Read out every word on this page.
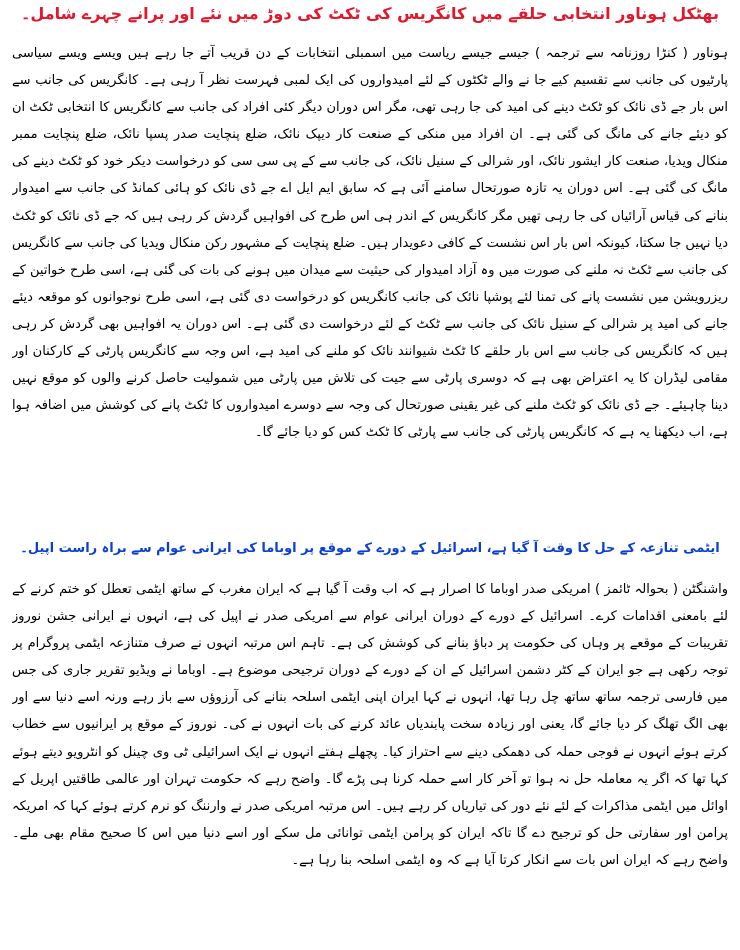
بھٹکل ہوناور انتخابی حلقے میں کانگریس کی ٹکٹ کی دوڑ میں نئے اور پرانے چہرے شامل۔

ہوناور ( کنڑا روزنامہ سے ترجمہ ) جیسے جیسے ریاست میں اسمبلی انتخابات کے دن قریب آتے جا رہے ہیں ویسے ویسے سیاسی پارٹیوں کی جانب سے تقسیم کیے جا نے والے ٹکٹوں کے لئے امیدواروں کی ایک لمبی فہرست نظر آ رہی ہے۔ کانگریس کی جانب سے اس بار جے ڈی نائک کو ٹکٹ دینے کی امید کی جا رہی تھی، مگر اس دوران دیگر کئی افراد کی جانب سے کانگریس کا انتخابی ٹکٹ ان کو دیئے جانے کی مانگ کی گئی ہے۔ ان افراد میں منکی کے صنعت کار دیپک نائک، ضلع پنچایت صدر پسپا نائک، ضلع پنچایت ممبر منکال ویدیا، صنعت کار ایشور نائک، اور شرالی کے سنیل نائک، کی جانب سے کے پی سی سی کو درخواست دیکر خود کو ٹکٹ دینے کی مانگ کی گئی ہے۔ اس دوران یہ تازہ صورتحال سامنے آئی ہے کہ سابق ایم ایل اے جے ڈی نائک کو ہائی کمانڈ کی جانب سے امیدوار بنانے کی قیاس آرائیاں کی جا رہی تھیں مگر کانگریس کے اندر ہی اس طرح کی افواہیں گردش کر رہی ہیں کہ جے ڈی نائک کو ٹکٹ دیا نہیں جا سکتا، کیونکہ اس بار اس نشست کے کافی دعویدار ہیں۔ ضلع پنچایت کے مشہور رکن منکال ویدیا کی جانب سے کانگریس کی جانب سے ٹکٹ نہ ملنے کی صورت میں وہ آزاد امیدوار کی حیثیت سے میدان میں ہونے کی بات کی گئی ہے، اسی طرح خواتین کے ریزرویشن میں نشست پانے کی تمنا لئے پوشپا نائک کی جانب کانگریس کو درخواست دی گئی ہے، اسی طرح نوجوانوں کو موقعہ دیئے جانے کی امید پر شرالی کے سنیل نائک کی جانب سے ٹکٹ کے لئے درخواست دی گئی ہے۔ اس دوران یہ افواہیں بھی گردش کر رہی ہیں کہ کانگریس کی جانب سے اس بار حلقے کا ٹکٹ شیوانند نائک کو ملنے کی امید ہے، اس وجہ سے کانگریس پارٹی کے کارکنان اور مقامی لیڈران کا یہ اعتراض بھی ہے کہ دوسری پارٹی سے جیت کی تلاش میں پارٹی میں شمولیت حاصل کرنے والوں کو موقع نہیں دینا چاہیئے۔ جے ڈی نائک کو ٹکٹ ملنے کی غیر یقینی صورتحال کی وجہ سے دوسرے امیدواروں کا ٹکٹ پانے کی کوشش میں اضافہ ہوا ہے، اب دیکھنا یہ ہے کہ کانگریس پارٹی کی جانب سے پارٹی کا ٹکٹ کس کو دیا جائے گا۔

ایٹمی تنازعہ کے حل کا وقت آ گیا ہے، اسرائیل کے دورے کے موقع پر اوباما کی ایرانی عوام سے براہ راست اپیل۔

واشنگٹن ( بحوالہ ٹائمز ) امریکی صدر اوباما کا اصرار ہے کہ اب وقت آ گیا ہے کہ ایران مغرب کے ساتھ ایٹمی تعطل کو ختم کرنے کے لئے بامعنی اقدامات کرے۔ اسرائیل کے دورے کے دوران ایرانی عوام سے امریکی صدر نے اپیل کی ہے، انہوں نے ایرانی جشن نوروز تقریبات کے موقعے پر وہاں کی حکومت پر دباؤ بنانے کی کوشش کی ہے۔ تاہم اس مرتبہ انہوں نے صرف متنازعہ ایٹمی پروگرام پر توجہ رکھی ہے جو ایران کے کٹر دشمن اسرائیل کے ان کے دورے کے دوران ترجیحی موضوع ہے۔ اوباما نے ویڈیو تقریر جاری کی جس میں فارسی ترجمہ ساتھ ساتھ چل رہا تھا، انہوں نے کہا ایران اپنی ایٹمی اسلحہ بنانے کی آرزوؤں سے باز رہے ورنہ اسے دنیا سے اور بھی الگ تھلگ کر دیا جائے گا، یعنی اور زیادہ سخت پابندیاں عائد کرنے کی بات انہوں نے کی۔ نوروز کے موقع پر ایرانیوں سے خطاب کرتے ہوئے انہوں نے فوجی حملہ کی دھمکی دینے سے احتراز کیا۔ پچھلے ہفتے انہوں نے ایک اسرائیلی ٹی وی چینل کو انٹرویو دیتے ہوئے کہا تھا کہ اگر یہ معاملہ حل نہ ہوا تو آخر کار اسے حملہ کرنا ہی پڑے گا۔ واضح رہے کہ حکومت تہران اور عالمی طاقتیں اپریل کے اوائل میں ایٹمی مذاکرات کے لئے نئے دور کی تیاریاں کر رہے ہیں۔ اس مرتبہ امریکی صدر نے وارننگ کو نرم کرتے ہوئے کہا کہ امریکہ پرامن اور سفارتی حل کو ترجیح دے گا تاکہ ایران کو پرامن ایٹمی توانائی مل سکے اور اسے دنیا میں اس کا صحیح مقام بھی ملے۔ واضح رہے کہ ایران اس بات سے انکار کرتا آیا ہے کہ وہ ایٹمی اسلحہ بنا رہا ہے۔
